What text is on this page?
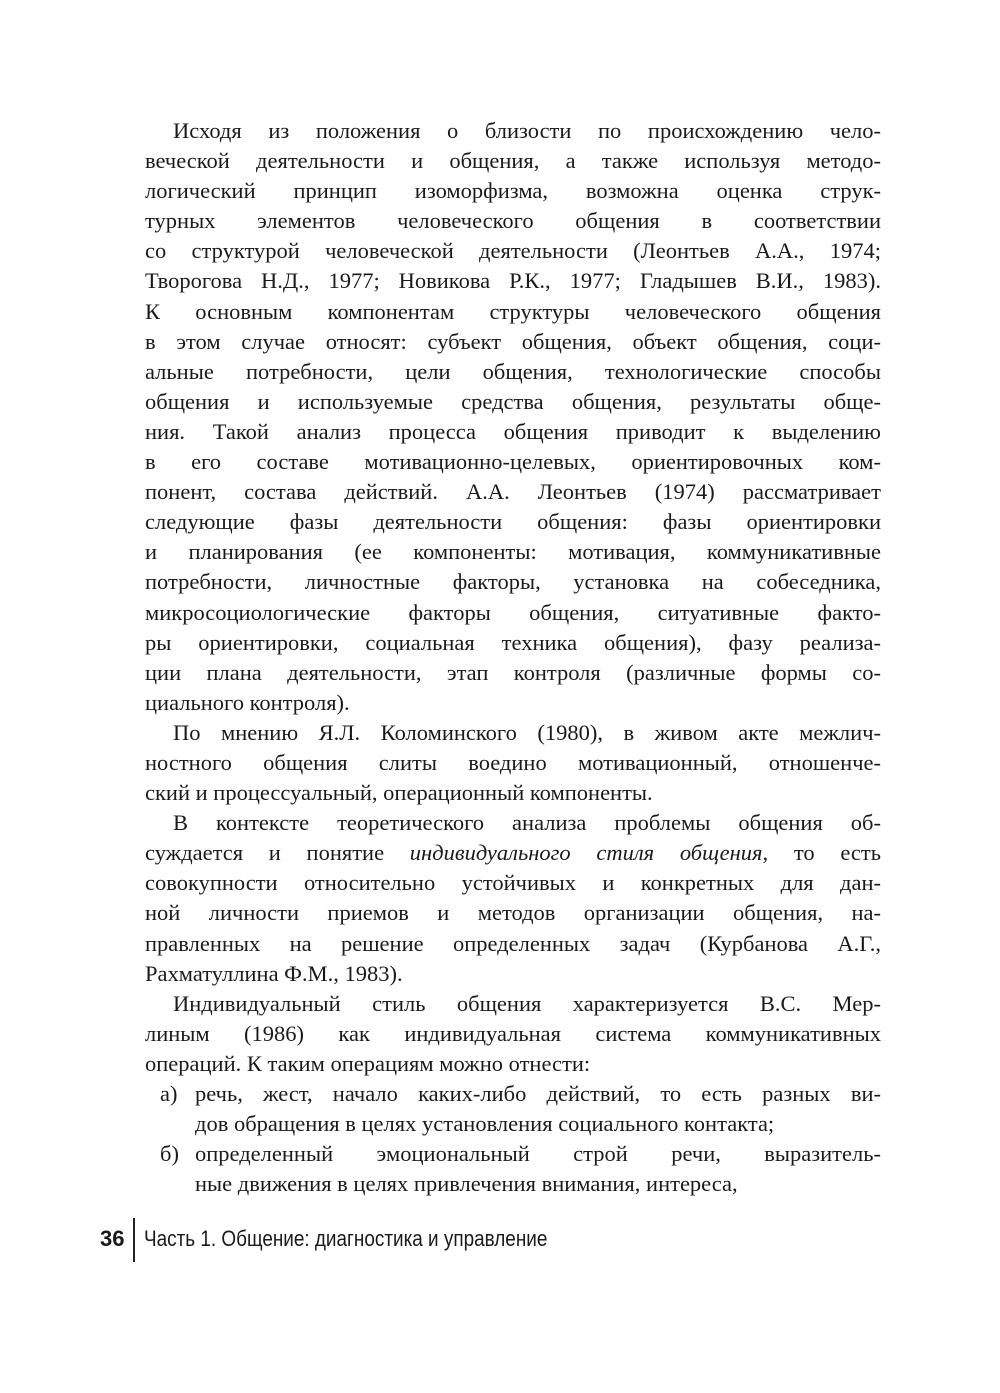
Исходя из положения о близости по происхождению чело-
веческой деятельности и общения, а также используя методо-
логический принцип изоморфизма, возможна оценка струк-
турных элементов человеческого общения в соответствии
со структурой человеческой деятельности (Леонтьев А.А., 1974;
Творогова Н.Д., 1977; Новикова Р.К., 1977; Гладышев В.И., 1983).
К основным компонентам структуры человеческого общения
в этом случае относят: субъект общения, объект общения, соци-
альные потребности, цели общения, технологические способы
общения и используемые средства общения, результаты обще-
ния. Такой анализ процесса общения приводит к выделению
в его составе мотивационно-целевых, ориентировочных ком-
понент, состава действий. А.А. Леонтьев (1974) рассматривает
следующие фазы деятельности общения: фазы ориентировки
и планирования (ее компоненты: мотивация, коммуникативные
потребности, личностные факторы, установка на собеседника,
микросоциологические факторы общения, ситуативные факто-
ры ориентировки, социальная техника общения), фазу реализа-
ции плана деятельности, этап контроля (различные формы со-
циального контроля).
По мнению Я.Л. Коломинского (1980), в живом акте межлич-
ностного общения слиты воедино мотивационный, отношенче-
ский и процессуальный, операционный компоненты.
В контексте теоретического анализа проблемы общения об-
суждается и понятие индивидуального стиля общения, то есть
совокупности относительно устойчивых и конкретных для дан-
ной личности приемов и методов организации общения, на-
правленных на решение определенных задач (Курбанова А.Г.,
Рахматуллина Ф.М., 1983).
Индивидуальный стиль общения характеризуется В.С. Мер-
линым (1986) как индивидуальная система коммуникативных
операций. К таким операциям можно отнести:
а) речь, жест, начало каких-либо действий, то есть разных ви-
дов обращения в целях установления социального контакта;
б) определенный эмоциональный строй речи, выразитель-
ные движения в целях привлечения внимания, интереса,
36 Часть 1. Общение: диагностика и управление
